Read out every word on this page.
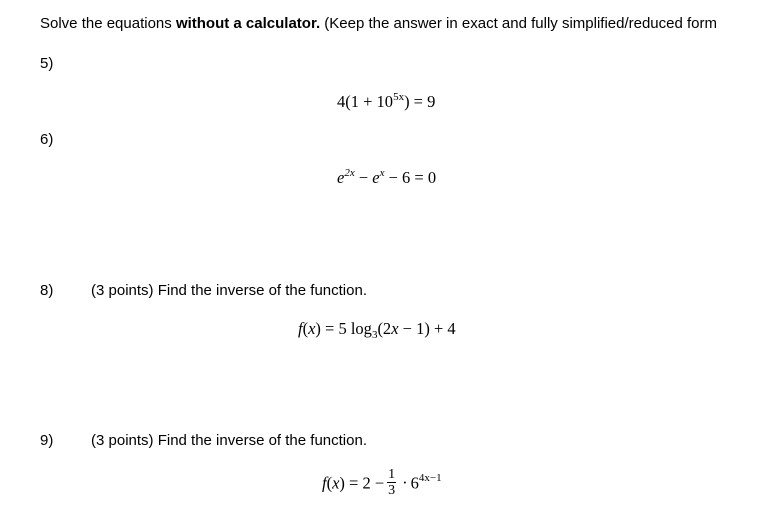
Solve the equations without a calculator. (Keep the answer in exact and fully simplified/reduced form
5)
$4(1 + 10^{5x}) = 9$
6)
$e^{2x} - e^x - 6 = 0$
8)	(3 points) Find the inverse of the function.
f(x) = 5 $\log_3(2x - 1) + 4$
9)	(3 points) Find the inverse of the function.
$f(x) = 2 - \frac{1}{3} \cdot 6^{4x-1}$
